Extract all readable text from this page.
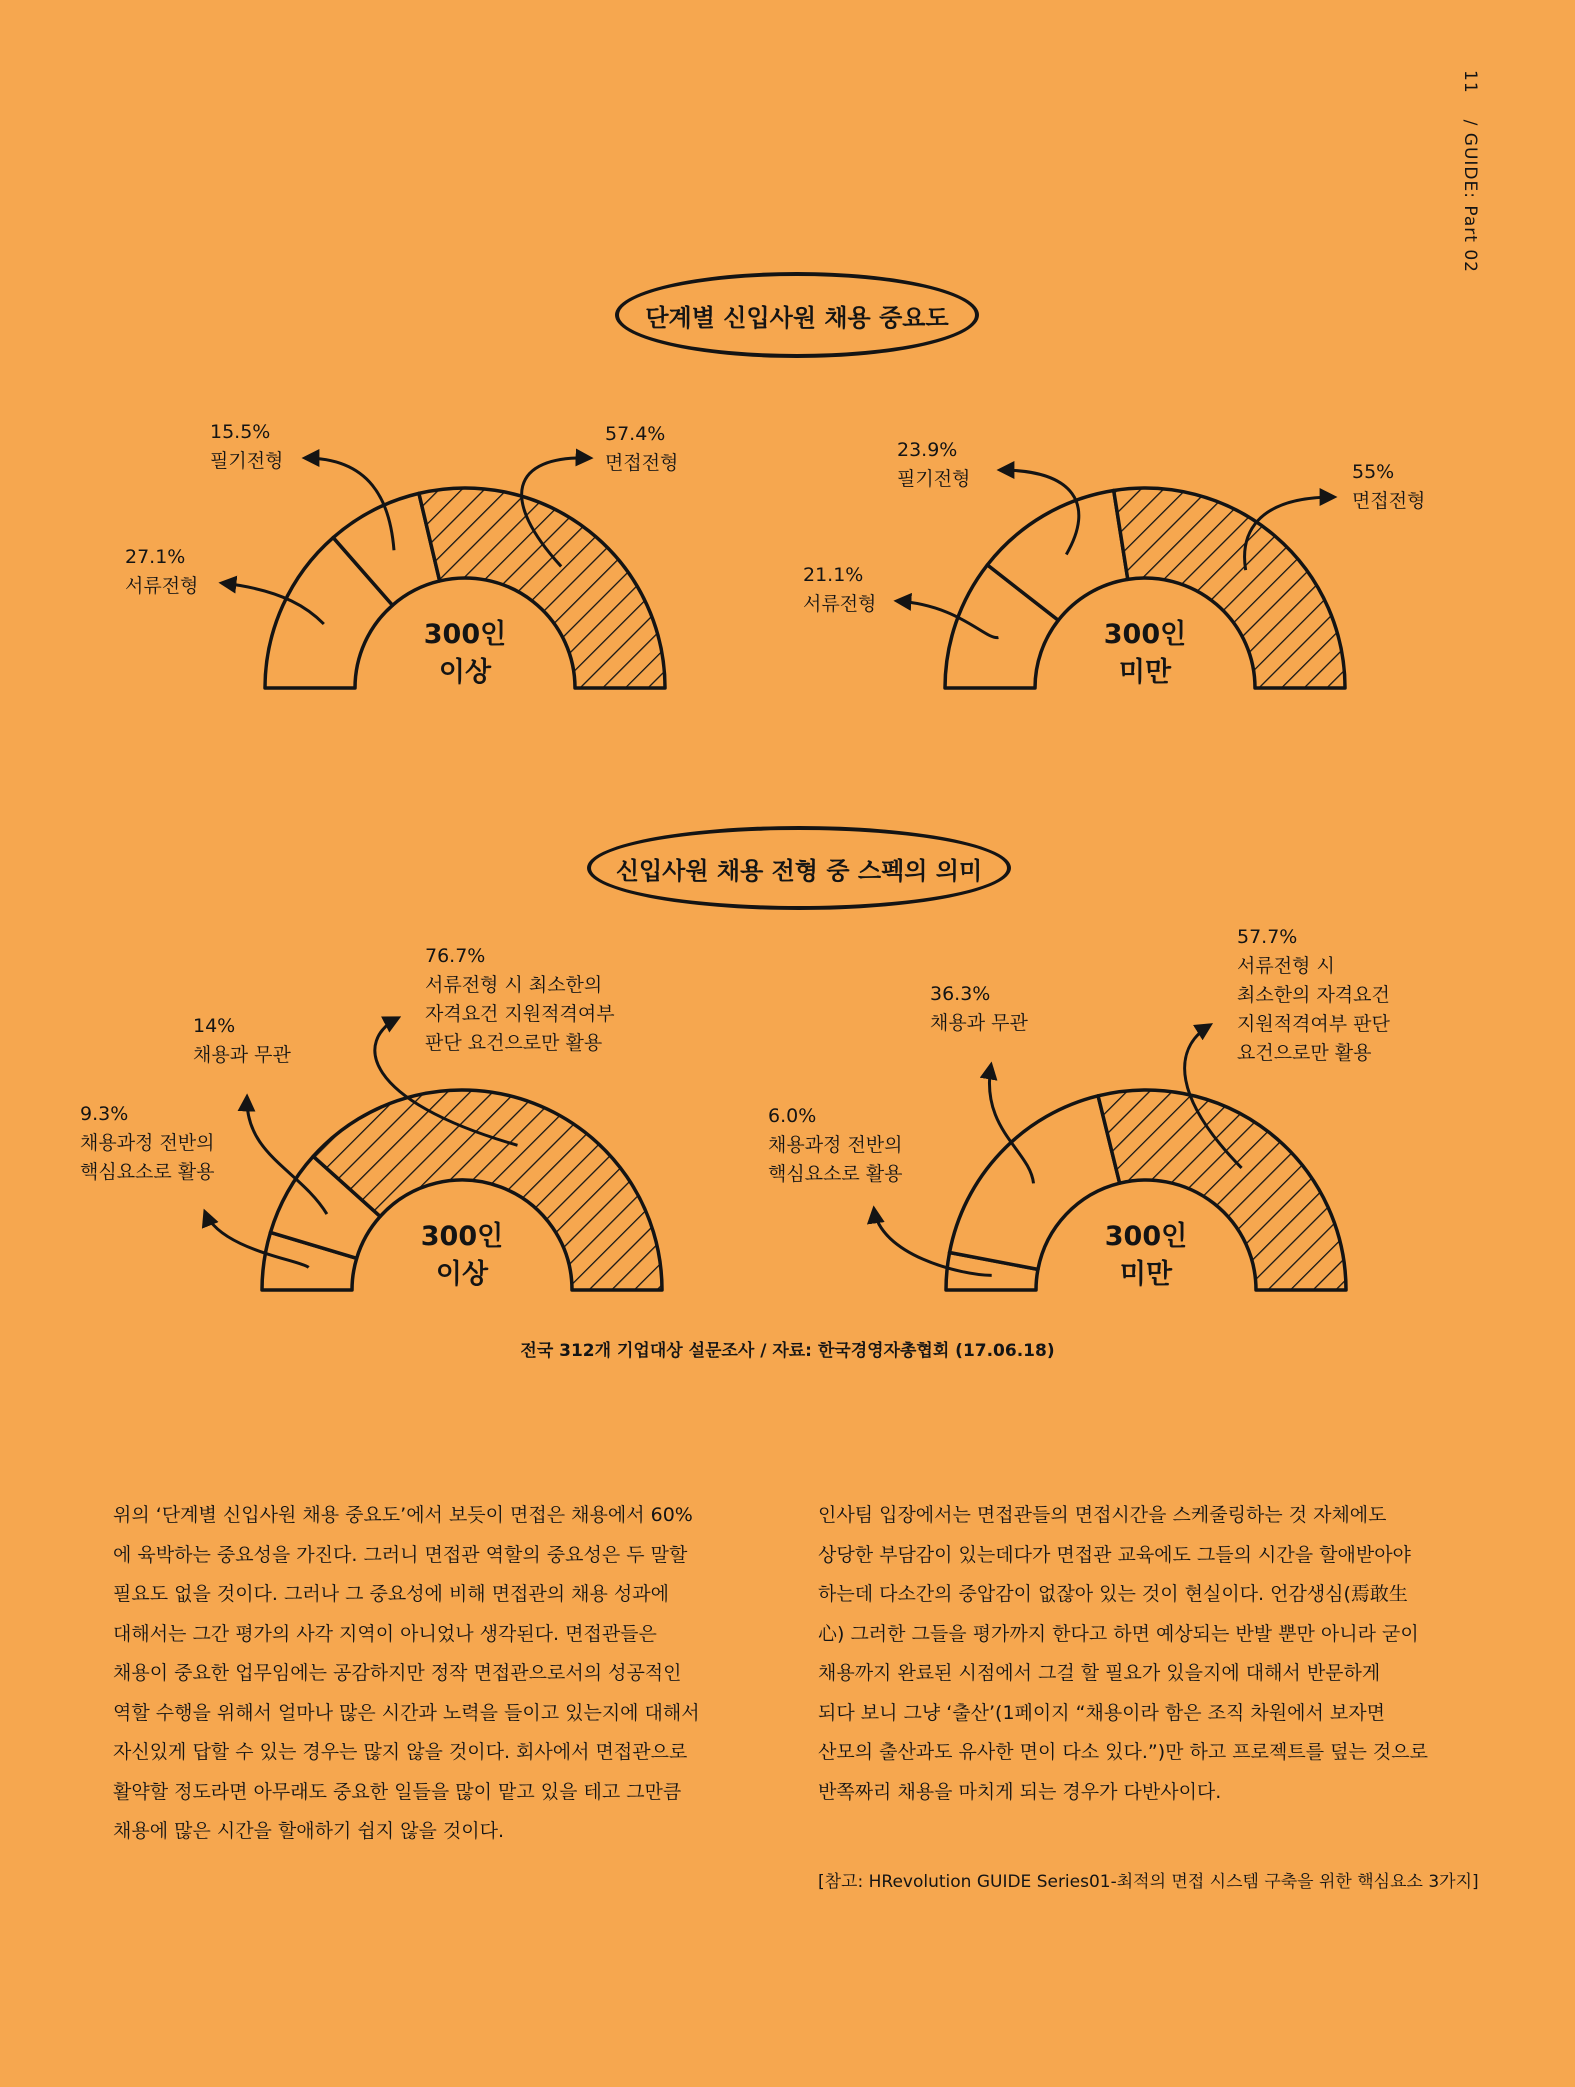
11/ GUIDE: Part 02
단계별 신입사원 채용 중요도
신입사원 채용 전형 중 스펙의 의미
27.1%
서류전형
15.5%
필기전형
57.4%
면접전형
300인
이상
21.1%
서류전형
23.9%
필기전형	55%
면접전형
300인
미만
9.3%
채용과정 전반의
핵심요소로 활용
14%
채용과 무관
76.7%
서류전형 시 최소한의
자격요건 지원적격여부
판단 요건으로만 활용
300인
이상
6.0%
채용과정 전반의
핵심요소로 활용
36.3%
채용과 무관
57.7%
서류전형 시
최소한의 자격요건
지원적격여부 판단
요건으로만 활용
300인
미만
전국 312개 기업대상 설문조사 / 자료: 한국경영자총협회 (17.06.18)
위의 ‘단계별 신입사원 채용 중요도’에서 보듯이 면접은 채용에서 60%
에 육박하는 중요성을 가진다. 그러니 면접관 역할의 중요성은 두 말할
필요도 없을 것이다. 그러나 그 중요성에 비해 면접관의 채용 성과에
대해서는 그간 평가의 사각 지역이 아니었나 생각된다. 면접관들은
채용이 중요한 업무임에는 공감하지만 정작 면접관으로서의 성공적인
역할 수행을 위해서 얼마나 많은 시간과 노력을 들이고 있는지에 대해서
자신있게 답할 수 있는 경우는 많지 않을 것이다. 회사에서 면접관으로
활약할 정도라면 아무래도 중요한 일들을 많이 맡고 있을 테고 그만큼
채용에 많은 시간을 할애하기 쉽지 않을 것이다.
인사팀 입장에서는 면접관들의 면접시간을 스케줄링하는 것 자체에도
상당한 부담감이 있는데다가 면접관 교육에도 그들의 시간을 할애받아야
하는데 다소간의 중압감이 없잖아 있는 것이 현실이다. 언감생심(焉敢生
心) 그러한 그들을 평가까지 한다고 하면 예상되는 반발 뿐만 아니라 굳이
채용까지 완료된 시점에서 그걸 할 필요가 있을지에 대해서 반문하게
되다 보니 그냥 ‘출산’(1페이지 “채용이라 함은 조직 차원에서 보자면
산모의 출산과도 유사한 면이 다소 있다.”)만 하고 프로젝트를 덮는 것으로
반쪽짜리 채용을 마치게 되는 경우가 다반사이다.
[참고: HRevolution GUIDE Series01-최적의 면접 시스템 구축을 위한 핵심요소 3가지]
